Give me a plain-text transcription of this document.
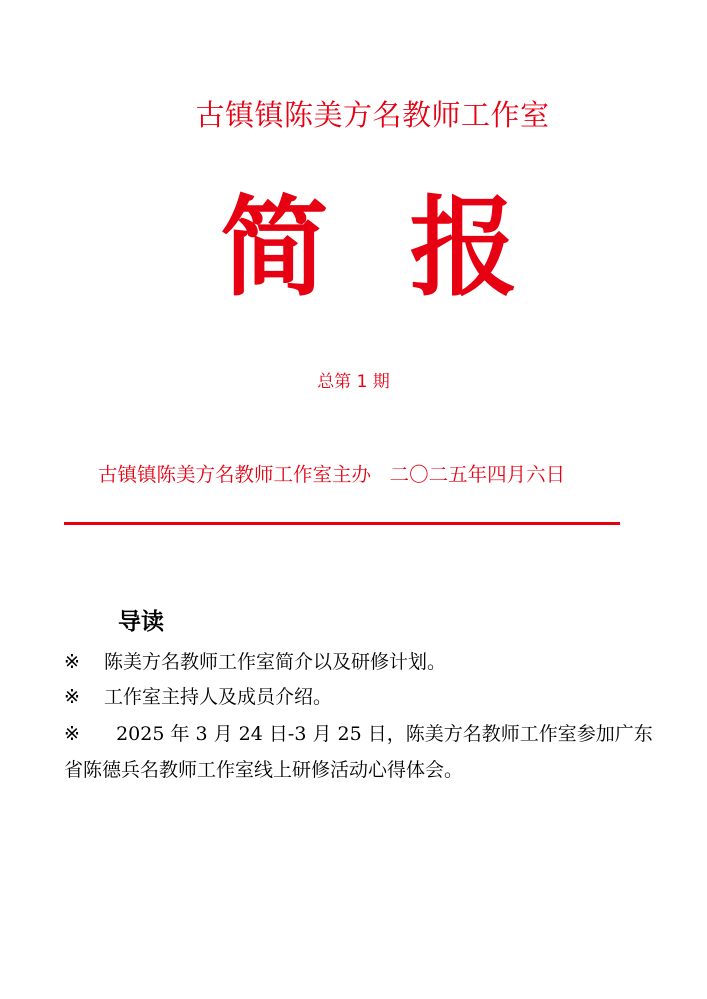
古镇镇陈美方名教师工作室
简  报
总第 1 期
古镇镇陈美方名教师工作室主办   二〇二五年四月六日
导读
※ 陈美方名教师工作室简介以及研修计划。
※ 工作室主持人及成员介绍。
※  2025 年 3 月 24 日-3 月 25 日，陈美方名教师工作室参加广东省陈德兵名教师工作室线上研修活动心得体会。
